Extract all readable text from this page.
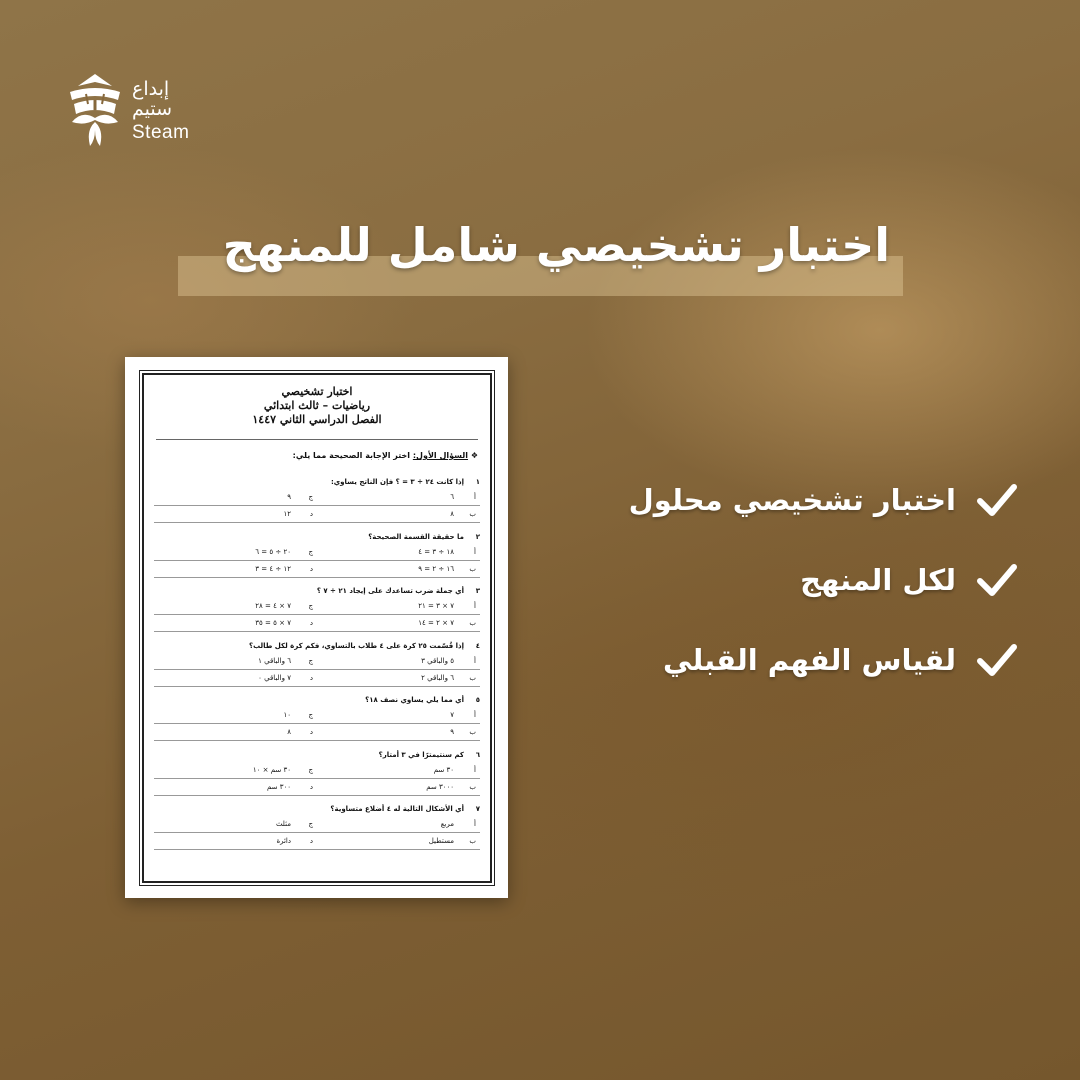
إبداع
ستيم
Steam
اختبار تشخيصي شامل للمنهج
اختبار تشخيصي
رياضيات – ثالث ابتدائي
الفصل الدراسي الثاني ١٤٤٧
❖ السؤال الأول: اختر الإجابة الصحيحة مما يلي:
١إذا كانت ٢٤ ÷ ٣ = ؟ فإن الناتج يساوي:
أ
٦
ج
٩
ب
٨
د
١٢
٢ما حقيقة القسمة الصحيحة؟
أ
١٨ ÷ ٣ = ٤
ج
٢٠ ÷ ٥ = ٦
ب
١٦ ÷ ٢ = ٩
د
١٢ ÷ ٤ = ٣
٣أي جملة ضرب تساعدك على إيجاد ٢١ ÷ ٧ ؟
أ
٧ × ٣ = ٢١
ج
٧ × ٤ = ٢٨
ب
٧ × ٢ = ١٤
د
٧ × ٥ = ٣٥
٤إذا قُسّمت ٢٥ كرة على ٤ طلاب بالتساوي، فكم كرة لكل طالب؟
أ
٥ والباقي ٣
ج
٦ والباقي ١
ب
٦ والباقي ٢
د
٧ والباقي ٠
٥أي مما يلي يساوي نصف ١٨؟
أ
٧
ج
١٠
ب
٩
د
٨
٦كم سنتيمترًا في ٣ أمتار؟
أ
٣٠ سم
ج
٣٠ سم × ١٠
ب
٣٠٠٠ سم
د
٣٠٠ سم
٧أي الأشكال التالية له ٤ أضلاع متساوية؟
أ
مربع
ج
مثلث
ب
مستطيل
د
دائرة
اختبار تشخيصي محلول
لكل المنهج
لقياس الفهم القبلي
